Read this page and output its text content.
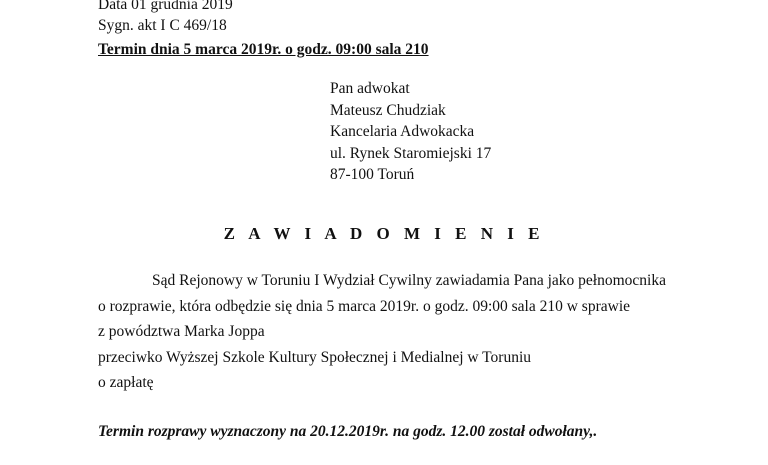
Data 01 grudnia 2019
Sygn. akt I C 469/18
Termin dnia 5 marca 2019r. o godz. 09:00 sala 210
Pan adwokat
Mateusz Chudziak
Kancelaria Adwokacka
ul. Rynek Staromiejski 17
87-100 Toruń
Z A W I A D O M I E N I E

Sąd Rejonowy w Toruniu I Wydział Cywilny zawiadamia Pana jako pełnomocnika

o rozprawie, która odbędzie się dnia 5 marca 2019r. o godz. 09:00 sala 210 w sprawie

z powództwa Marka Joppa

przeciwko Wyższej Szkole Kultury Społecznej i Medialnej w Toruniu

o zapłatę

Termin rozprawy wyznaczony na 20.12.2019r. na godz. 12.00 został odwołany,.
